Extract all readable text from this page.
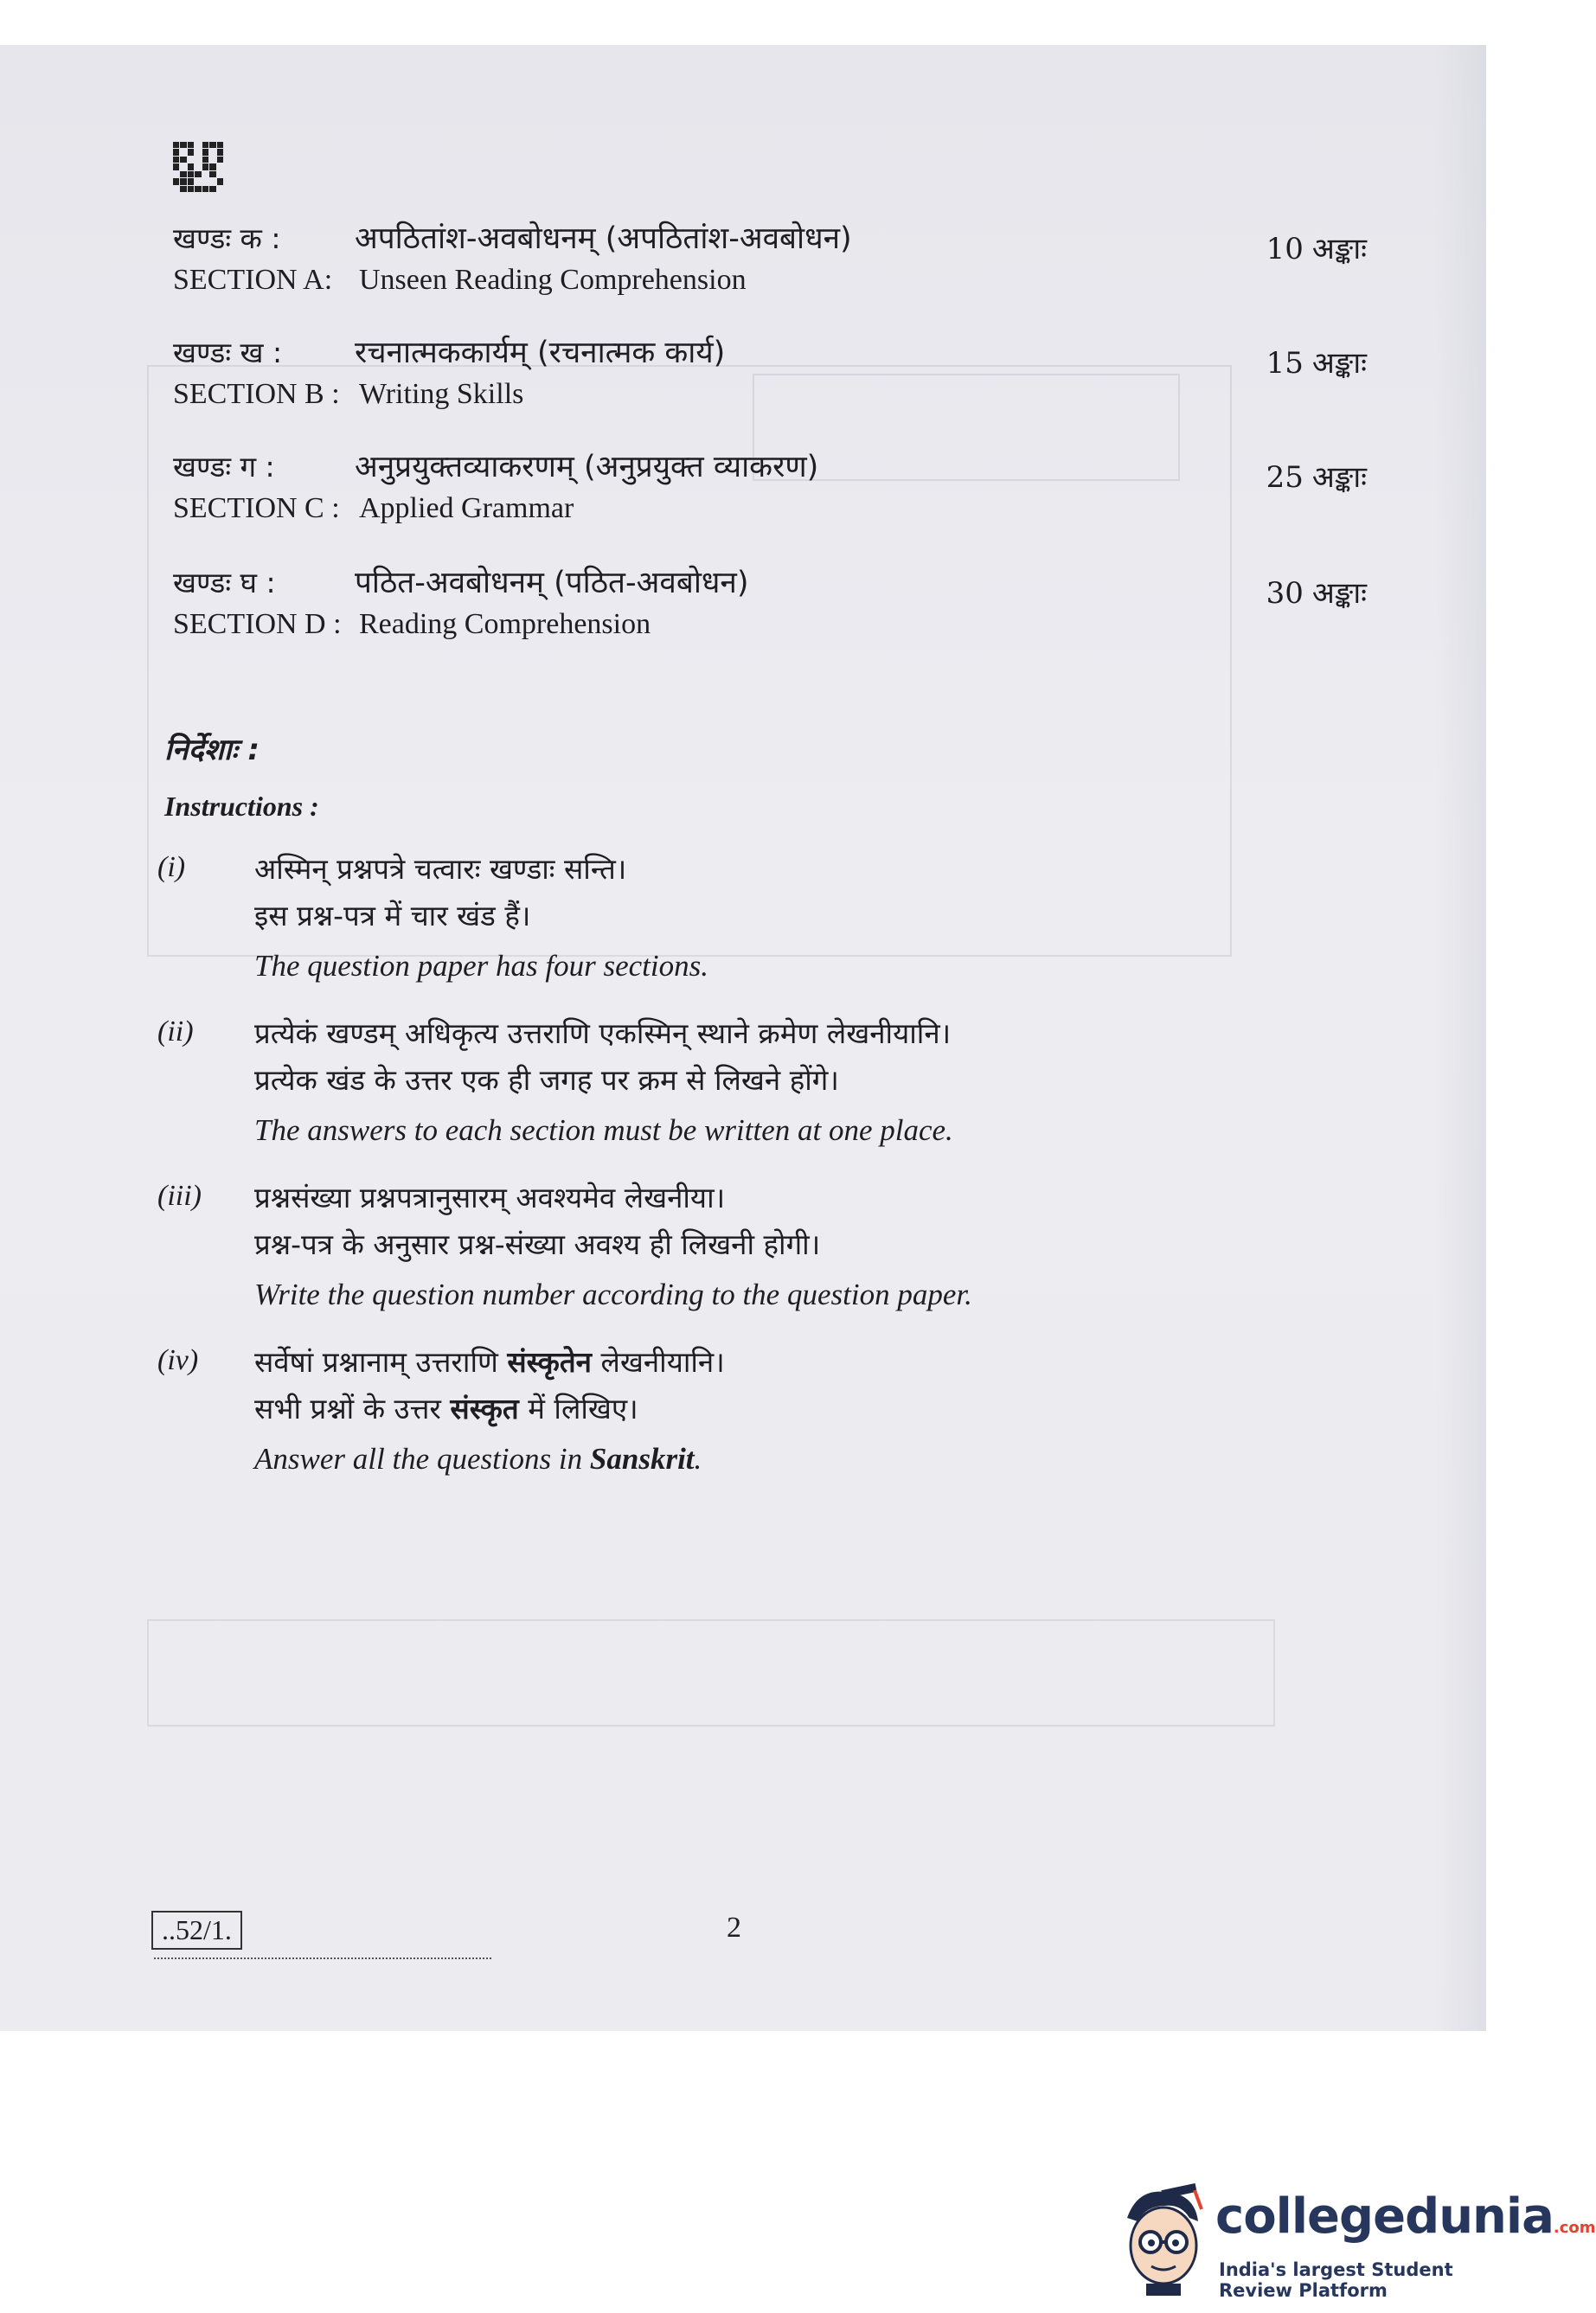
खण्डः क :	अपठितांश-अवबोधनम् (अपठितांश-अवबोधन)	10 अङ्काः
SECTION A: Unseen Reading Comprehension
खण्डः ख :	रचनात्मककार्यम् (रचनात्मक कार्य)	15 अङ्काः
SECTION B : Writing Skills
खण्डः ग :	अनुप्रयुक्तव्याकरणम् (अनुप्रयुक्त व्याकरण)	25 अङ्काः
SECTION C : Applied Grammar
खण्डः घ :	पठित-अवबोधनम् (पठित-अवबोधन)	30 अङ्काः
SECTION D : Reading Comprehension
निर्देशाः :
Instructions :
(i) अस्मिन् प्रश्नपत्रे चत्वारः खण्डाः सन्ति।
इस प्रश्न-पत्र में चार खंड हैं।
The question paper has four sections.
(ii) प्रत्येकं खण्डम् अधिकृत्य उत्तराणि एकस्मिन् स्थाने क्रमेण लेखनीयानि।
प्रत्येक खंड के उत्तर एक ही जगह पर क्रम से लिखने होंगे।
The answers to each section must be written at one place.
(iii) प्रश्नसंख्या प्रश्नपत्रानुसारम् अवश्यमेव लेखनीया।
प्रश्न-पत्र के अनुसार प्रश्न-संख्या अवश्य ही लिखनी होगी।
Write the question number according to the question paper.
(iv) सर्वेषां प्रश्नानाम् उत्तराणि संस्कृतेन लेखनीयानि।
सभी प्रश्नों के उत्तर संस्कृत में लिखिए।
Answer all the questions in Sanskrit.
..52/1.	2
collegedunia.com
India's largest Student Review Platform
